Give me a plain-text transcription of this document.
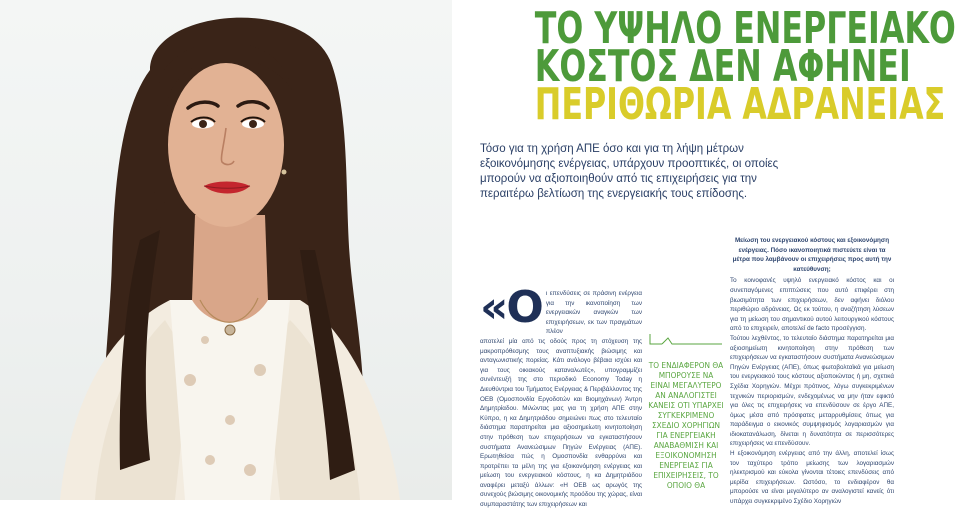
ΤΟ ΥΨΗΛΟ ΕΝΕΡΓΕΙΑΚΟ
ΚΟΣΤΟΣ ΔΕΝ ΑΦΗΝΕΙ
ΠΕΡΙΘΩΡΙΑ ΑΔΡΑΝΕΙΑΣ

Τόσο για τη χρήση ΑΠΕ όσο και για τη λήψη μέτρων εξοικονόμησης ενέργειας, υπάρχουν προοπτικές, οι οποίες μπορούν να αξιοποιηθούν από τις επιχειρήσεις για την περαιτέρω βελτίωση της ενεργειακής τους επίδοσης.

«Ο ι επενδύσεις σε πράσινη ενέργεια για την ικανοποίηση των ενεργειακών αναγκών των επιχειρήσεων, εκ των πραγμάτων πλέον
αποτελεί μία από τις οδούς προς τη στόχευση της μακροπρόθεσμης τους αναπτυξιακής βιώσιμης και ανταγωνιστικής πορείας. Κάτι ανάλογο βέβαια ισχύει και για τους οικιακούς καταναλωτές», υπογραμμίζει συνέντευξή της στο περιοδικό Economy Today η Διευθύντρια του Τμήματος Ενέργειας & Περιβάλλοντος της ΟΕΒ (Ομοσπονδία Εργοδοτών και Βιομηχάνων) Άντρη Δημητρίαδου. Μιλώντας μας για τη χρήση ΑΠΕ στην Κύπρο, η κα Δημητριάδου σημειώνει πως στο τελευταίο διάστημα παρατηρείται μια αξιοσημείωτη κινητοποίηση στην πρόθεση των επιχειρήσεων να εγκαταστήσουν συστήματα Ανανεώσιμων Πηγών Ενέργειας (ΑΠΕ). Ερωτηθείσα πώς η Ομοσπονδία ενθαρρύνει και προτρέπει τα μέλη της για εξοικονόμηση ενέργειας και μείωση του ενεργειακού κόστους, η κα Δημητριάδου αναφέρει μεταξύ άλλων: «Η ΟΕΒ ως αρωγός της συνεχούς βιώσιμης οικονομικής προόδου της χώρας, είναι συμπαραστάτης των επιχειρήσεων και
ΤΟ ΕΝΔΙΑΦΕΡΟΝ ΘΑ ΜΠΟΡΟΥΣΕ ΝΑ ΕΙΝΑΙ ΜΕΓΑΛΥΤΕΡΟ ΑΝ ΑΝΑΛΟΓΙΣΤΕΙ ΚΑΝΕΙΣ ΟΤΙ ΥΠΑΡΧΕΙ ΣΥΓΚΕΚΡΙΜΕΝΟ ΣΧΕΔΙΟ ΧΟΡΗΓΙΩΝ ΓΙΑ ΕΝΕΡΓΕΙΑΚΗ ΑΝΑΒΑΘΜΙΣΗ ΚΑΙ ΕΞΟΙΚΟΝΟΜΗΣΗ ΕΝΕΡΓΕΙΑΣ ΓΙΑ ΕΠΙΧΕΙΡΗΣΕΙΣ, ΤΟ ΟΠΟΙΟ ΘΑ
Μείωση του ενεργειακού κόστους και εξοικονόμηση ενέργειας. Πόσο ικανοποιητικά πιστεύετε είναι τα μέτρα που λαμβάνουν οι επιχειρήσεις προς αυτή την κατεύθυνση;
Το κοινοφανές υψηλό ενεργειακό κόστος και οι συνεπαγόμενες επιπτώσεις που αυτό επιφέρει στη βιωσιμότητα των επιχειρήσεων, δεν αφήνει διόλου περιθώριο αδράνειας. Ως εκ τούτου, η αναζήτηση λύσεων για τη μείωση του σημαντικού αυτού λειτουργικού κόστους από το επιχειρείν, αποτελεί de facto προσέγγιση.
Τούτου λεχθέντος, το τελευταίο διάστημα παρατηρείται μια αξιοσημείωτη κινητοποίηση στην πρόθεση των επιχειρήσεων να εγκαταστήσουν συστήματα Ανανεώσιμων Πηγών Ενέργειας (ΑΠΕ), όπως φωτοβολταϊκά για μείωση του ενεργειακού τους κόστους αξιοποιώντας ή μη, σχετικά Σχέδια Χορηγιών. Μέχρι πρότινος, λόγω συγκεκριμένων τεχνικών περιορισμών, ενδεχομένως να μην ήταν εφικτό για όλες τις επιχειρήσεις να επενδύσουν σε έργο ΑΠΕ, όμως μέσα από πρόσφατες μεταρρυθμίσεις όπως για παράδειγμα ο εικονικός συμψηφισμός λογαριασμών για ιδιοκατανάλωση, δίνεται η δυνατότητα σε περισσότερες επιχειρήσεις να επενδύσουν.
Η εξοικονόμηση ενέργειας από την άλλη, αποτελεί ίσως τον ταχύτερο τρόπο μείωσης των λογαριασμών ηλεκτρισμού και εύκολα γίνονται τέτοιες επενδύσεις από μερίδα επιχειρήσεων. Ωστόσο, το ενδιαφέρον θα μπορούσε να είναι μεγαλύτερο αν αναλογιστεί κανείς ότι υπάρχει συγκεκριμένο Σχέδιο Χορηγιών
